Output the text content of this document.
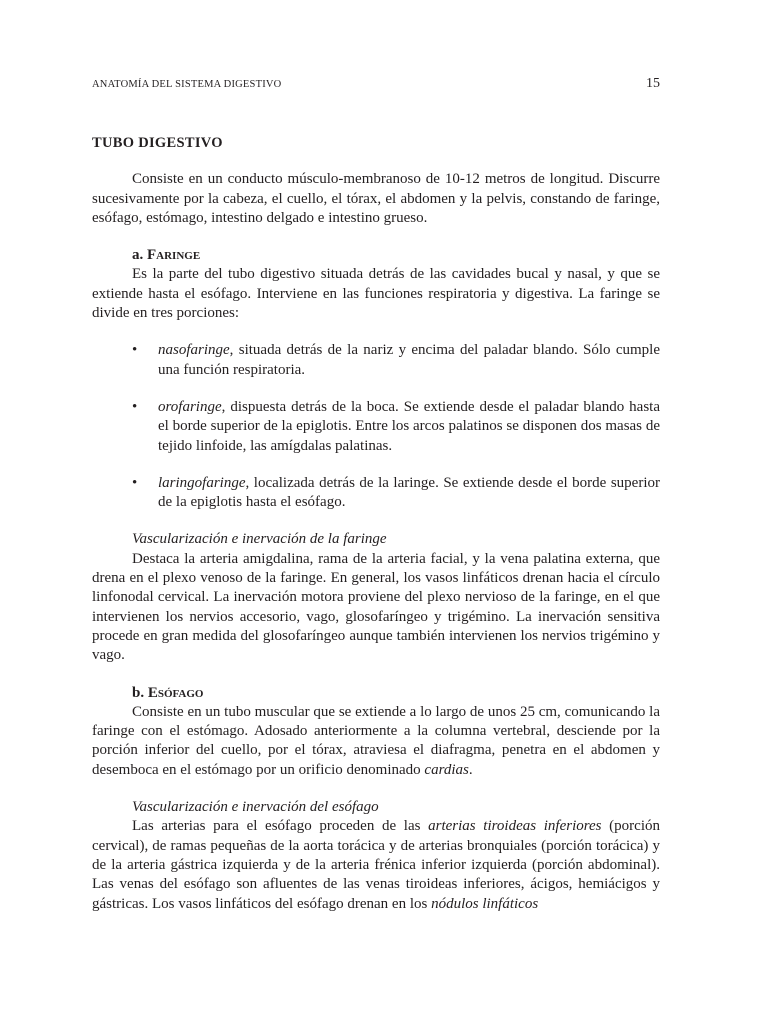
ANATOMÍA DEL SISTEMA DIGESTIVO	15
TUBO DIGESTIVO

Consiste en un conducto músculo-membranoso de 10-12 metros de longitud. Discurre sucesivamente por la cabeza, el cuello, el tórax, el abdomen y la pelvis, constando de faringe, esófago, estómago, intestino delgado e intestino grueso.

a. Faringe

Es la parte del tubo digestivo situada detrás de las cavidades bucal y nasal, y que se extiende hasta el esófago. Interviene en las funciones respiratoria y digestiva. La faringe se divide en tres porciones:

• nasofaringe, situada detrás de la nariz y encima del paladar blando. Sólo cumple una función respiratoria.
• orofaringe, dispuesta detrás de la boca. Se extiende desde el paladar blando hasta el borde superior de la epiglotis. Entre los arcos palatinos se disponen dos masas de tejido linfoide, las amígdalas palatinas.
• laringofaringe, localizada detrás de la laringe. Se extiende desde el borde superior de la epiglotis hasta el esófago.
Vascularización e inervación de la faringe

Destaca la arteria amigdalina, rama de la arteria facial, y la vena palatina externa, que drena en el plexo venoso de la faringe. En general, los vasos linfáticos drenan hacia el círculo linfonodal cervical. La inervación motora proviene del plexo nervioso de la faringe, en el que intervienen los nervios accesorio, vago, glosofaríngeo y trigémino. La inervación sensitiva procede en gran medida del glosofaríngeo aunque también intervienen los nervios trigémino y vago.

b. Esófago

Consiste en un tubo muscular que se extiende a lo largo de unos 25 cm, comunicando la faringe con el estómago. Adosado anteriormente a la columna vertebral, desciende por la porción inferior del cuello, por el tórax, atraviesa el diafragma, penetra en el abdomen y desemboca en el estómago por un orificio denominado cardias.

Vascularización e inervación del esófago

Las arterias para el esófago proceden de las arterias tiroideas inferiores (porción cervical), de ramas pequeñas de la aorta torácica y de arterias bronquiales (porción torácica) y de la arteria gástrica izquierda y de la arteria frénica inferior izquierda (porción abdominal). Las venas del esófago son afluentes de las venas tiroideas inferiores, ácigos, hemiácigos y gástricas. Los vasos linfáticos del esófago drenan en los nódulos linfáticos
